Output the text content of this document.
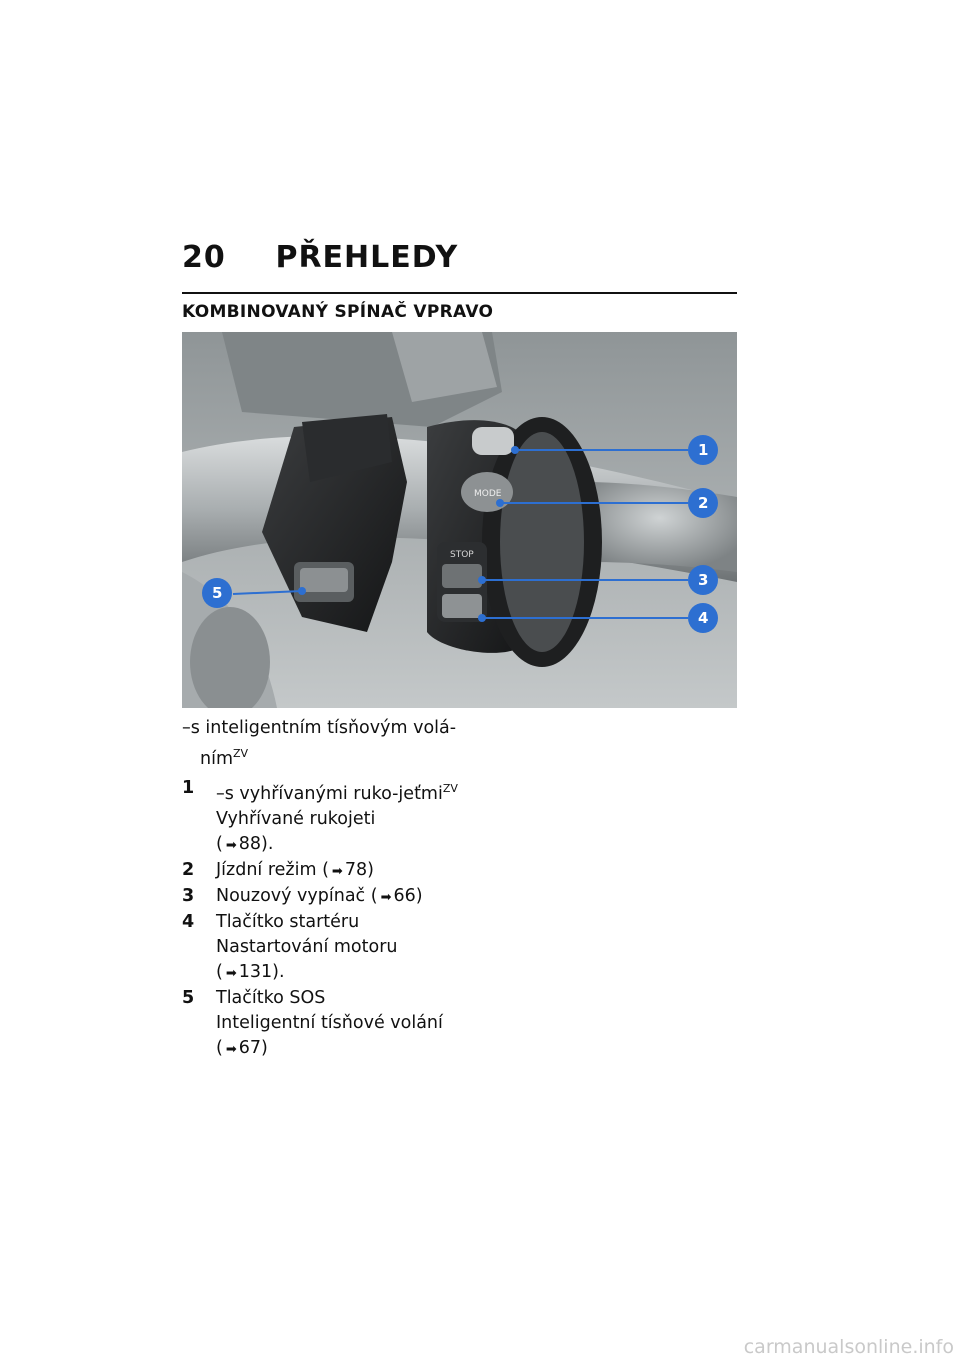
20 PŘEHLEDY
KOMBINOVANÝ SPÍNAČ VPRAVO
MODE
STOP
1
2
3
4
5
–s inteligentním tísňovým volá-ním$^{ZV}$
1	–s vyhřívanými ruko-jeťmi$^{ZV}$
Vyhřívané rukojeti
( ➡ 88).
2	Jízdní režim ( ➡ 78)
3	Nouzový vypínač ( ➡ 66)
4	Tlačítko startéru
Nastartování motoru
( ➡ 131).
5	Tlačítko SOS
Inteligentní tísňové volání
( ➡ 67)
carmanualsonline.info
